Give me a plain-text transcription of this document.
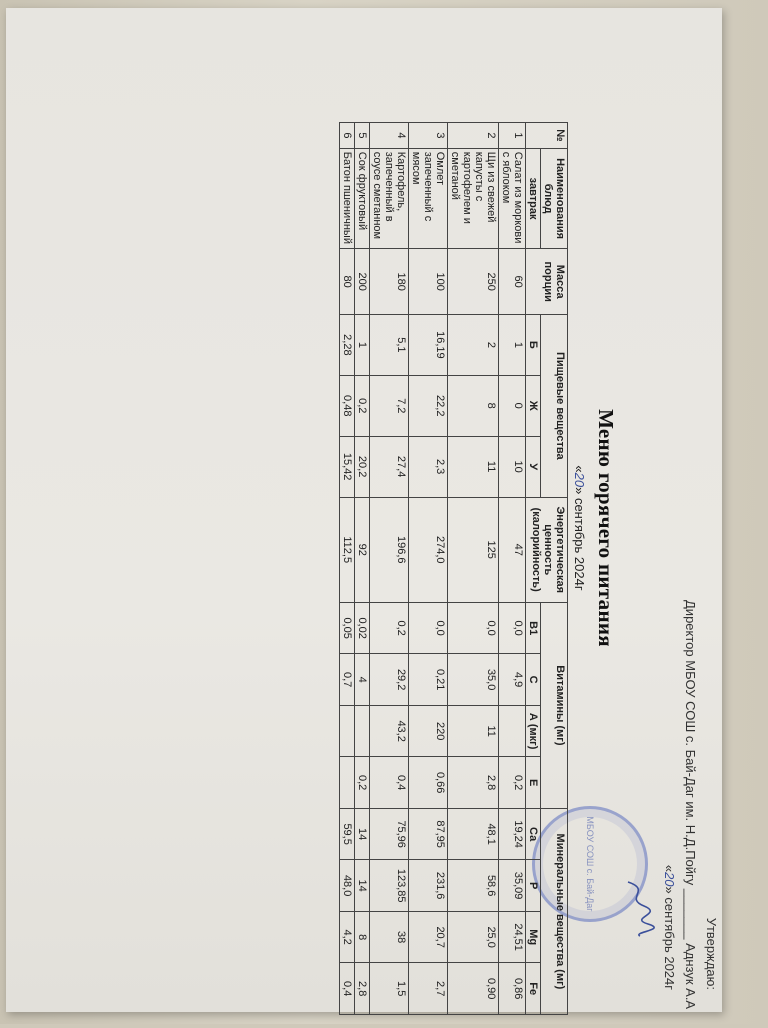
Утверждаю:
Директор МБОУ СОШ с. Бай-Даг им. Н.Д.Пойгу _______ Аднзук А.А
«20» сентябрь 2024г
МБОУ СОШ с. Бай-Даг
Меню горячего питания
«20» сентябрь 2024г
№	Наименования блюд	Масса порции	Пищевые вещества			Энергетическая ценность (калорийность)	Витамины (мг)				Минеральные вещества (мг)			
	завтрак		Б	Ж	У		В1	С	А (мкг)	Е	Са	Р	Mg	Fe
1	Салат из моркови с яблоком	60	1	0	10	47	0,0	4,9		0,2	19,24	35,09	24,51	0,86
2	Щи из свежей капусты с картофелем и сметаной	250	2	8	11	125	0,0	35,0	11	2,8	48,1	58,6	25,0	0,90
3	Омлет запеченный с мясом	100	16,19	22,2	2,3	274,0	0,0	0,21	220	0,66	87,95	231,6	20,7	2,7
4	Картофель, запеченный в соусе сметанном	180	5,1	7,2	27,4	196,6	0,2	29,2	43,2	0,4	75,96	123,85	38	1,5
5	Сок фруктовый	200	1	0,2	20,2	92	0,02	4		0,2	14	14	8	2,8
6	Батон пшеничный	80	2,28	0,48	15,42	112,5	0,05	0,7			59,5	48,0	4,2	0,4
